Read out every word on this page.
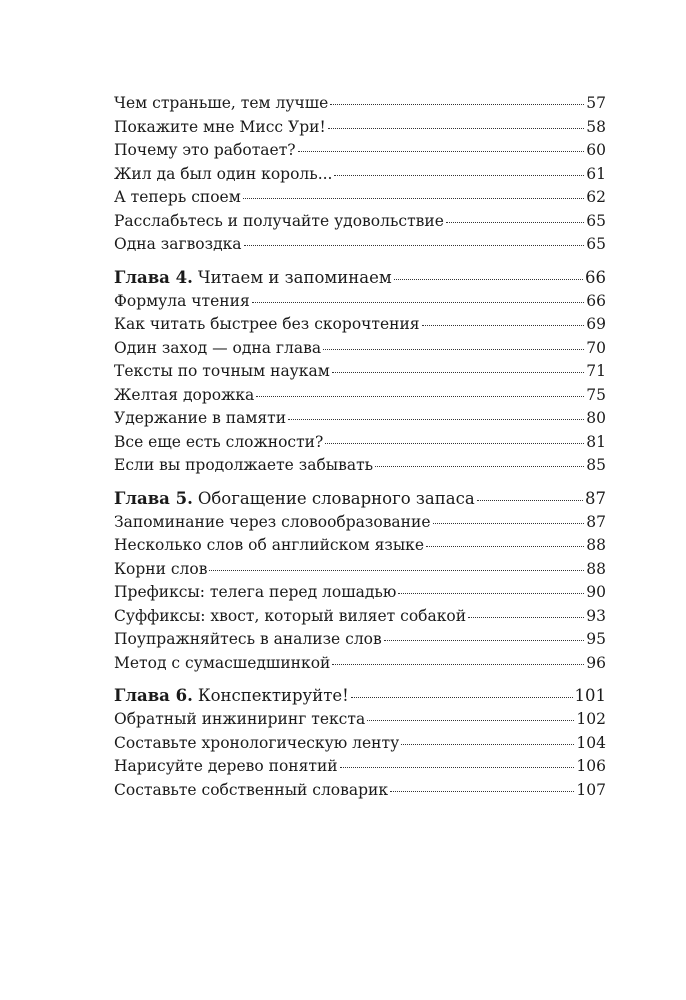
Чем страньше, тем лучше	57
Покажите мне Мисс Ури!	58
Почему это работает?	60
Жил да был один король...	61
А теперь споем	62
Расслабьтесь и получайте удовольствие	65
Одна загвоздка	65
Глава 4. Читаем и запоминаем	66
Формула чтения	66
Как читать быстрее без скорочтения	69
Один заход — одна глава	70
Тексты по точным наукам	71
Желтая дорожка	75
Удержание в памяти	80
Все еще есть сложности?	81
Если вы продолжаете забывать	85
Глава 5. Обогащение словарного запаса	87
Запоминание через словообразование	87
Несколько слов об английском языке	88
Корни слов	88
Префиксы: телега перед лошадью	90
Суффиксы: хвост, который виляет собакой	93
Поупражняйтесь в анализе слов	95
Метод с сумасшедшинкой	96
Глава 6. Конспектируйте!	101
Обратный инжиниринг текста	102
Составьте хронологическую ленту	104
Нарисуйте дерево понятий	106
Составьте собственный словарик	107
